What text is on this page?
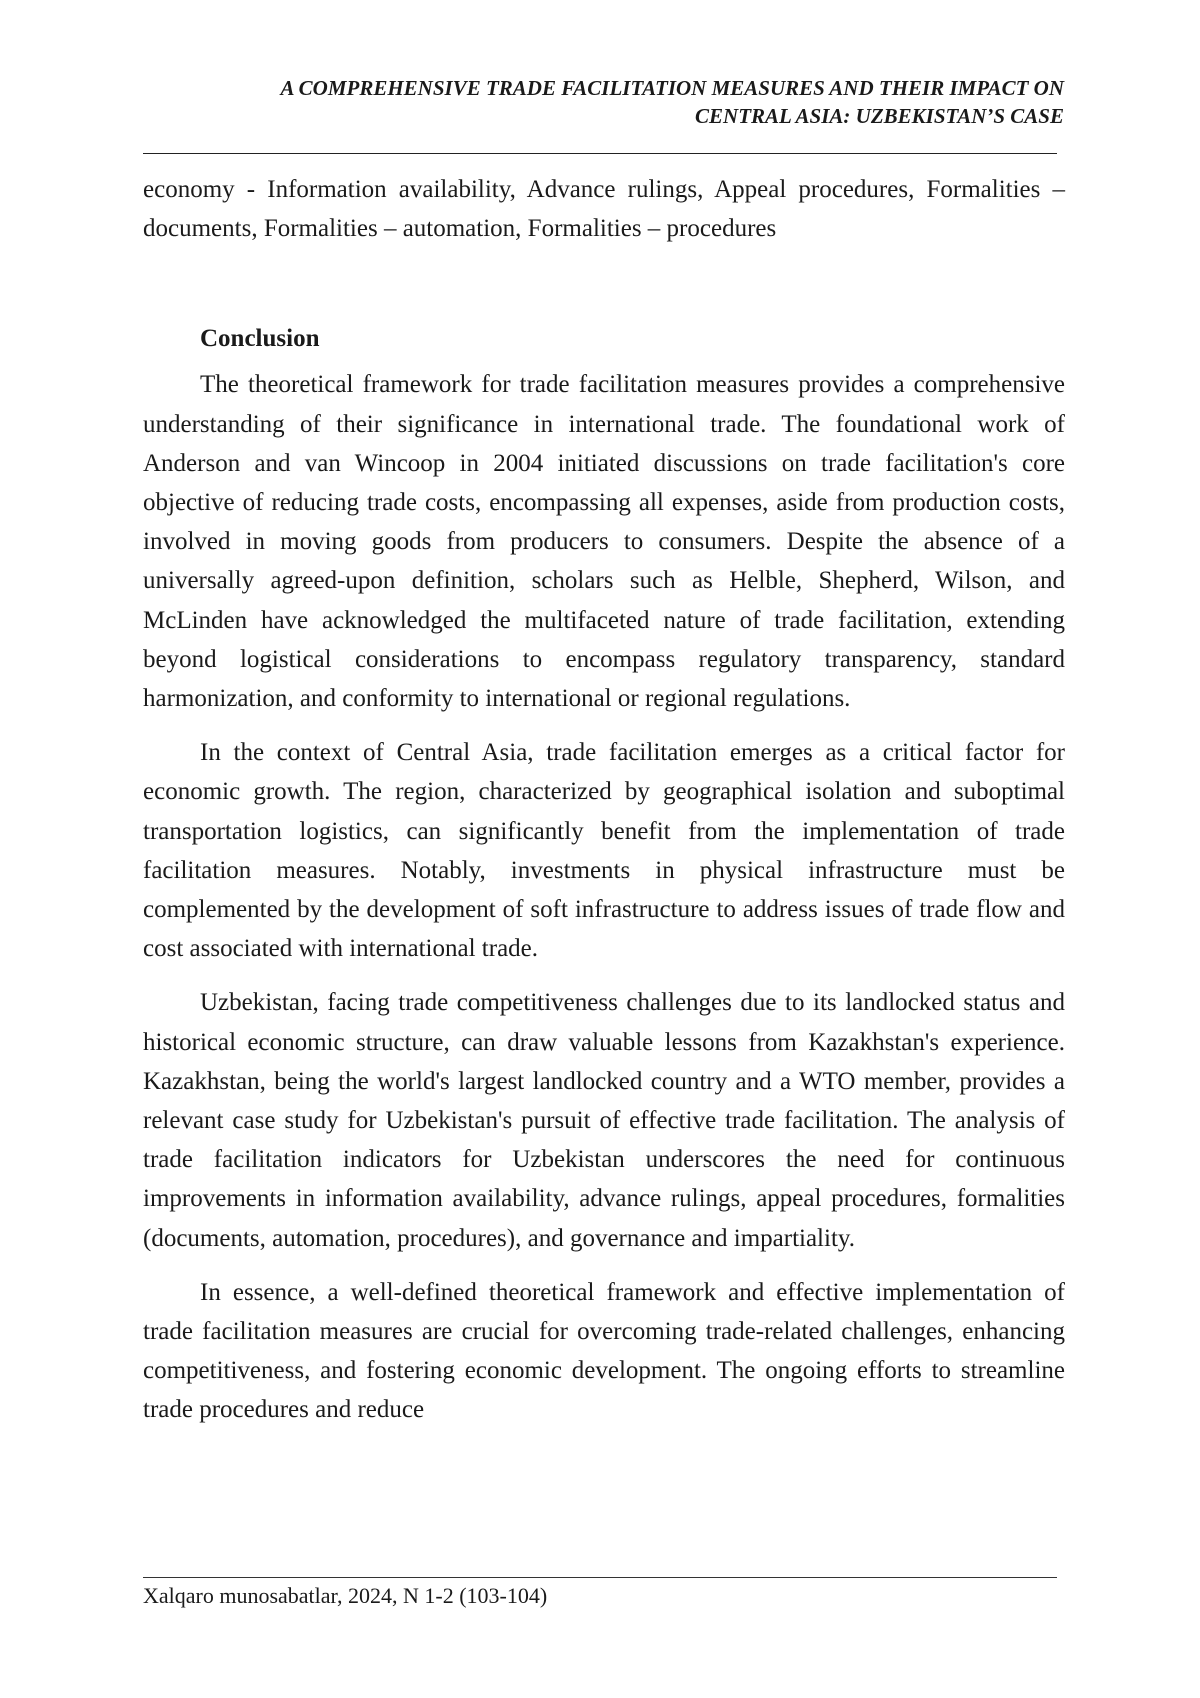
A COMPREHENSIVE TRADE FACILITATION MEASURES AND THEIR IMPACT ON
CENTRAL ASIA: UZBEKISTAN’S CASE

economy - Information availability, Advance rulings, Appeal procedures, Formalities – documents, Formalities – automation, Formalities – procedures

Conclusion

The theoretical framework for trade facilitation measures provides a comprehensive understanding of their significance in international trade. The foundational work of Anderson and van Wincoop in 2004 initiated discussions on trade facilitation's core objective of reducing trade costs, encompassing all expenses, aside from production costs, involved in moving goods from producers to consumers. Despite the absence of a universally agreed-upon definition, scholars such as Helble, Shepherd, Wilson, and McLinden have acknowledged the multifaceted nature of trade facilitation, extending beyond logistical considerations to encompass regulatory transparency, standard harmonization, and conformity to international or regional regulations.

In the context of Central Asia, trade facilitation emerges as a critical factor for economic growth. The region, characterized by geographical isolation and suboptimal transportation logistics, can significantly benefit from the implementation of trade facilitation measures. Notably, investments in physical infrastructure must be complemented by the development of soft infrastructure to address issues of trade flow and cost associated with international trade.

Uzbekistan, facing trade competitiveness challenges due to its landlocked status and historical economic structure, can draw valuable lessons from Kazakhstan's experience. Kazakhstan, being the world's largest landlocked country and a WTO member, provides a relevant case study for Uzbekistan's pursuit of effective trade facilitation. The analysis of trade facilitation indicators for Uzbekistan underscores the need for continuous improvements in information availability, advance rulings, appeal procedures, formalities (documents, automation, procedures), and governance and impartiality.

In essence, a well-defined theoretical framework and effective implementation of trade facilitation measures are crucial for overcoming trade-related challenges, enhancing competitiveness, and fostering economic development. The ongoing efforts to streamline trade procedures and reduce

Xalqaro munosabatlar, 2024, N 1-2 (103-104)
